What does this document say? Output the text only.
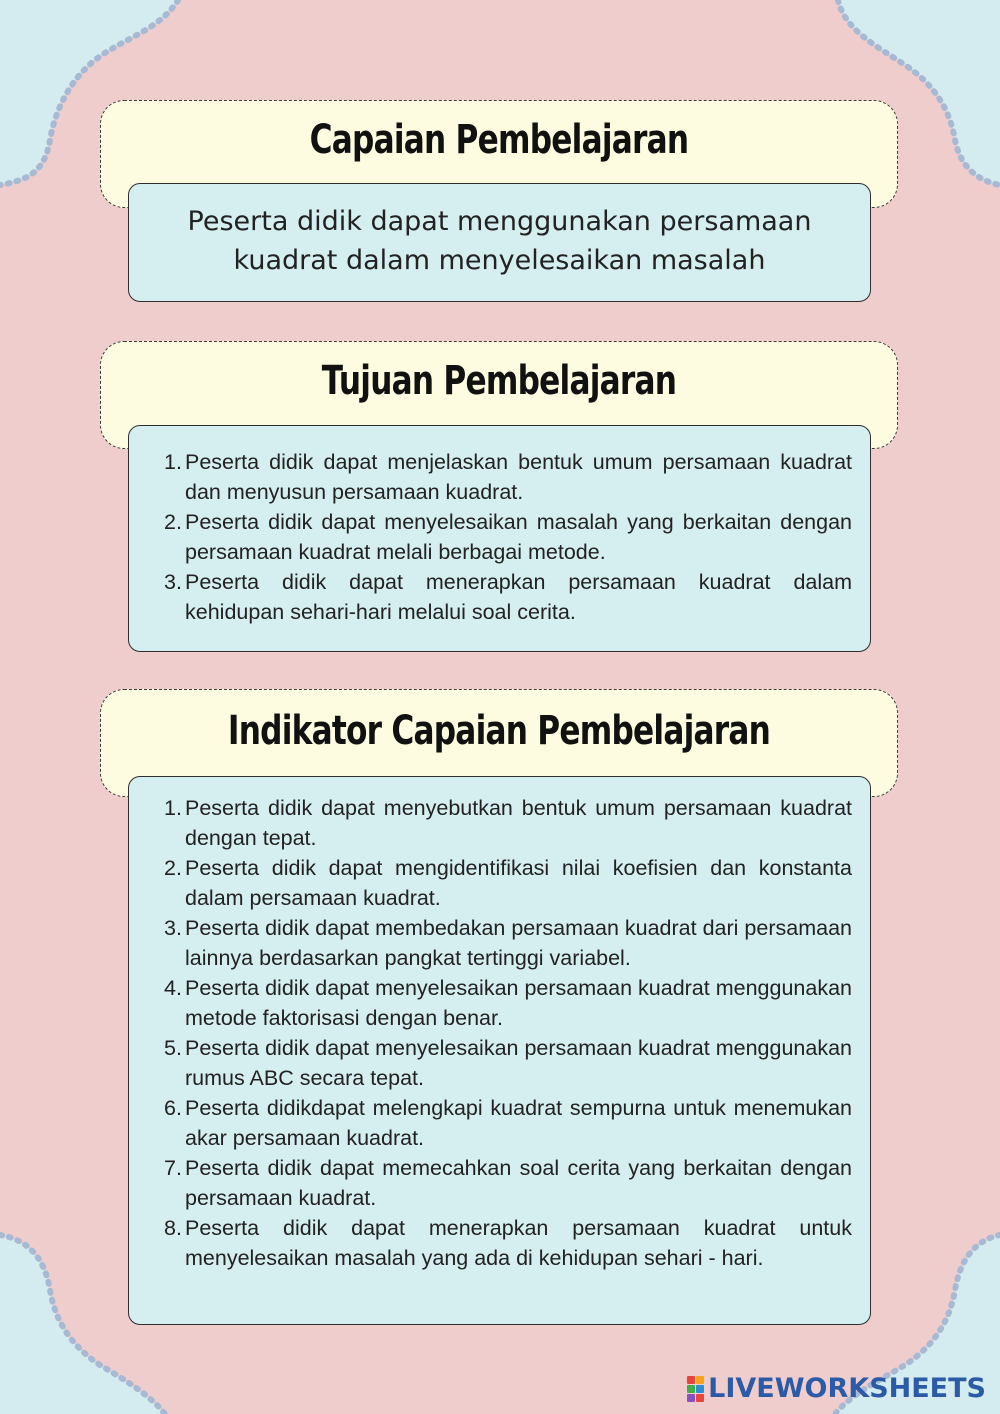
Capaian Pembelajaran
Peserta didik dapat menggunakan persamaan
kuadrat dalam menyelesaikan masalah
Tujuan Pembelajaran
1. Peserta didik dapat menjelaskan bentuk umum persamaan kuadrat dan menyusun persamaan kuadrat.
2. Peserta didik dapat menyelesaikan masalah yang berkaitan dengan persamaan kuadrat melali berbagai metode.
3. Peserta didik dapat menerapkan persamaan kuadrat dalam kehidupan sehari-hari melalui soal cerita.
Indikator Capaian Pembelajaran
1. Peserta didik dapat menyebutkan bentuk umum persamaan kuadrat dengan tepat.
2. Peserta didik dapat mengidentifikasi nilai koefisien dan konstanta dalam persamaan kuadrat.
3. Peserta didik dapat membedakan persamaan kuadrat dari persamaan lainnya berdasarkan pangkat tertinggi variabel.
4. Peserta didik dapat menyelesaikan persamaan kuadrat menggunakan metode faktorisasi dengan benar.
5. Peserta didik dapat menyelesaikan persamaan kuadrat menggunakan rumus ABC secara tepat.
6. Peserta didikdapat melengkapi kuadrat sempurna untuk menemukan akar persamaan kuadrat.
7. Peserta didik dapat memecahkan soal cerita yang berkaitan dengan persamaan kuadrat.
8. Peserta didik dapat menerapkan persamaan kuadrat untuk menyelesaikan masalah yang ada di kehidupan sehari - hari.
LIVEWORKSHEETS
